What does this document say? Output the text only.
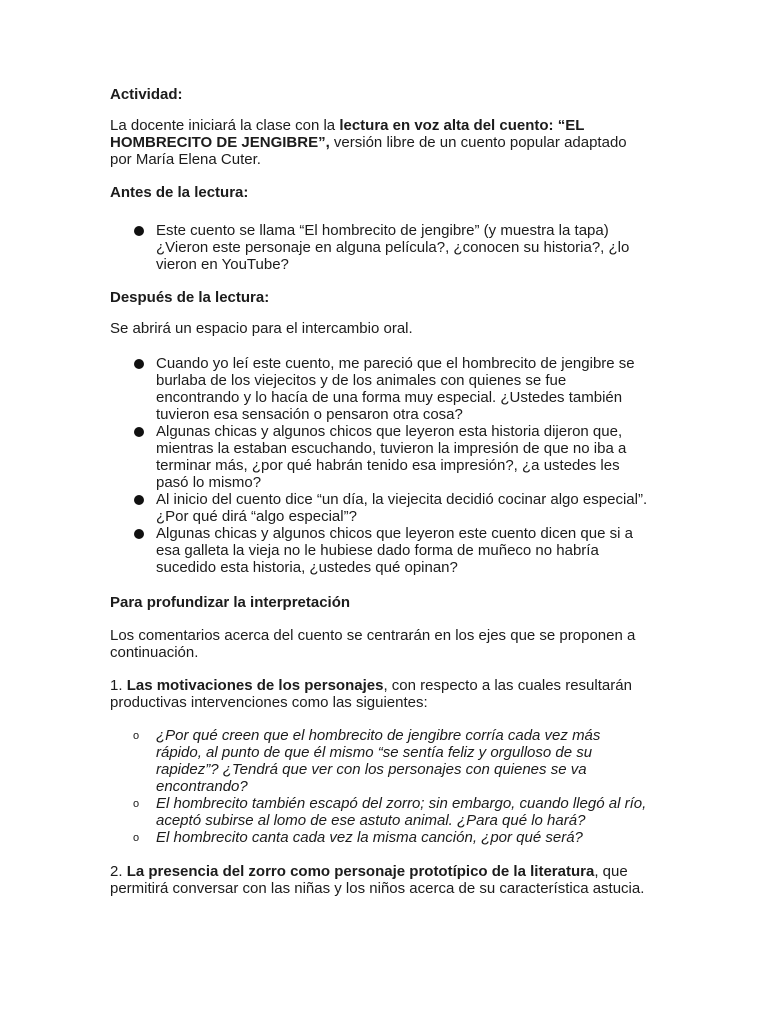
Actividad:

La docente iniciará la clase con la lectura en voz alta del cuento: “EL HOMBRECITO DE JENGIBRE”, versión libre de un cuento popular adaptado por María Elena Cuter.

Antes de la lectura:

Este cuento se llama “El hombrecito de jengibre” (y muestra la tapa) ¿Vieron este personaje en alguna película?, ¿conocen su historia?, ¿lo vieron en YouTube?

Después de la lectura:

Se abrirá un espacio para el intercambio oral.

Cuando yo leí este cuento, me pareció que el hombrecito de jengibre se burlaba de los viejecitos y de los animales con quienes se fue encontrando y lo hacía de una forma muy especial. ¿Ustedes también tuvieron esa sensación o pensaron otra cosa?
Algunas chicas y algunos chicos que leyeron esta historia dijeron que, mientras la estaban escuchando, tuvieron la impresión de que no iba a terminar más, ¿por qué habrán tenido esa impresión?, ¿a ustedes les pasó lo mismo?
Al inicio del cuento dice “un día, la viejecita decidió cocinar algo especial”. ¿Por qué dirá “algo especial”?
Algunas chicas y algunos chicos que leyeron este cuento dicen que si a esa galleta la vieja no le hubiese dado forma de muñeco no habría sucedido esta historia, ¿ustedes qué opinan?

Para profundizar la interpretación

Los comentarios acerca del cuento se centrarán en los ejes que se proponen a continuación.

1. Las motivaciones de los personajes, con respecto a las cuales resultarán productivas intervenciones como las siguientes:

o ¿Por qué creen que el hombrecito de jengibre corría cada vez más rápido, al punto de que él mismo “se sentía feliz y orgulloso de su rapidez”? ¿Tendrá que ver con los personajes con quienes se va encontrando?
o El hombrecito también escapó del zorro; sin embargo, cuando llegó al río, aceptó subirse al lomo de ese astuto animal. ¿Para qué lo hará?
o El hombrecito canta cada vez la misma canción, ¿por qué será?

2. La presencia del zorro como personaje prototípico de la literatura, que permitirá conversar con las niñas y los niños acerca de su característica astucia.
